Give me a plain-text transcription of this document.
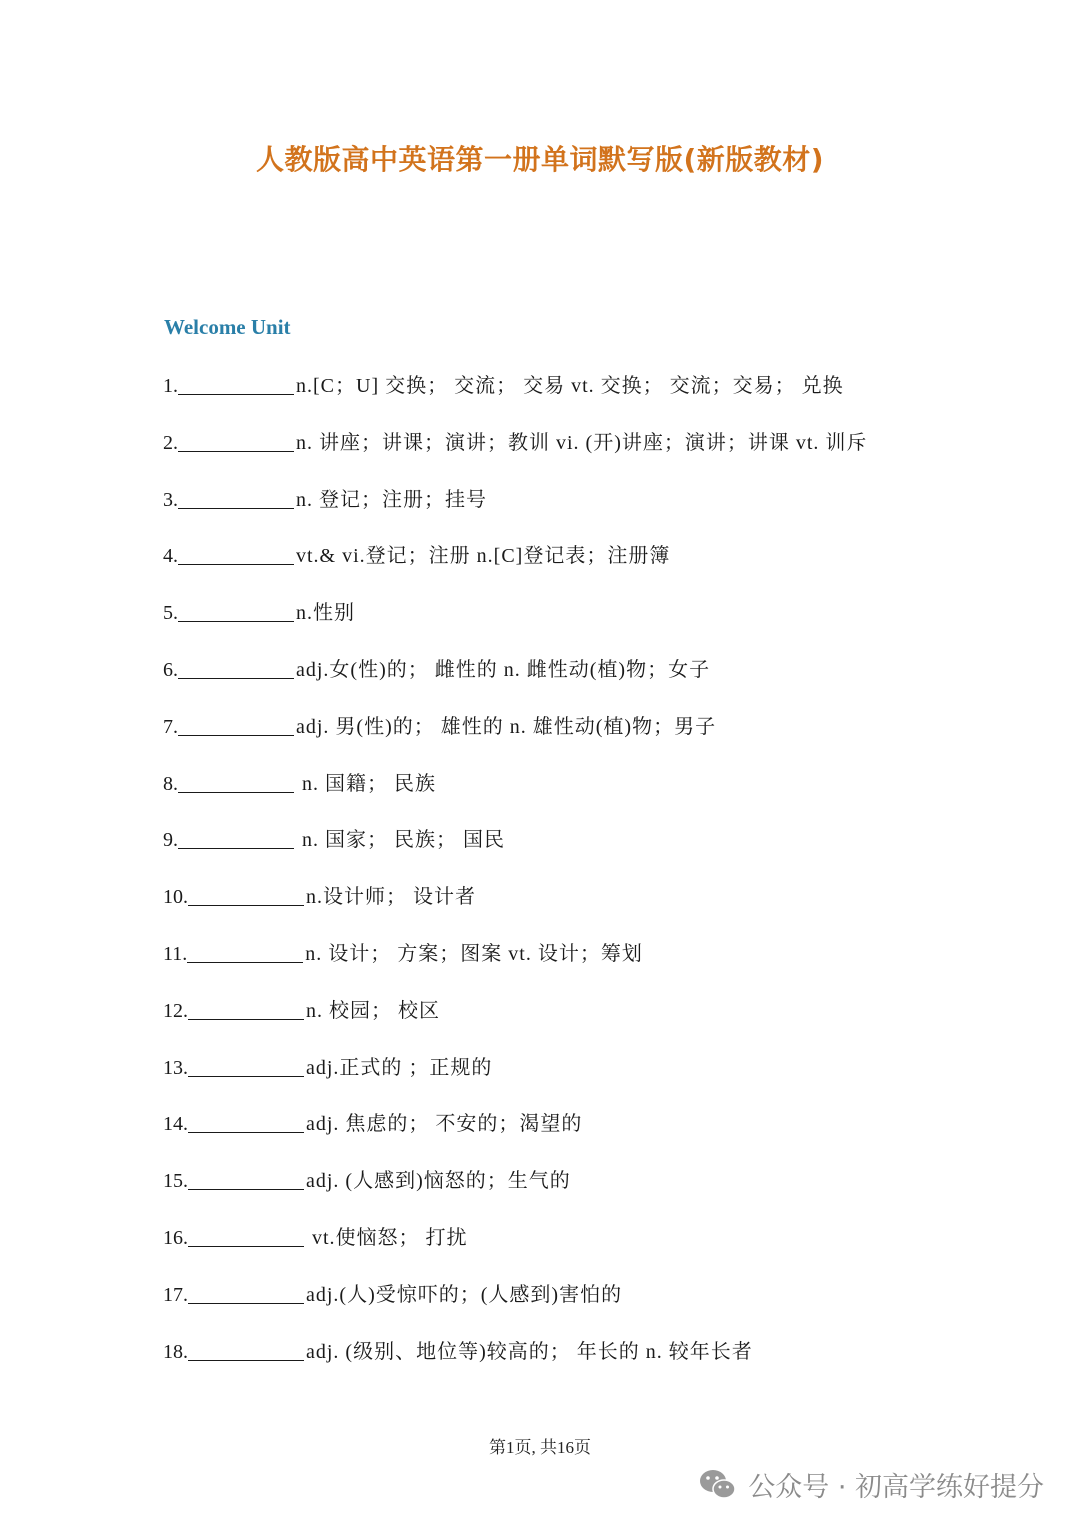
人教版高中英语第一册单词默写版(新版教材)
Welcome Unit
1.	n.[C；U] 交换； 交流； 交易 vt. 交换； 交流；交易； 兑换
2.	n. 讲座；讲课；演讲；教训 vi. (开)讲座；演讲；讲课 vt. 训斥
3.	n. 登记；注册；挂号
4.	vt.& vi.登记；注册 n.[C]登记表；注册簿
5.	n.性别
6.	adj.女(性)的； 雌性的 n. 雌性动(植)物；女子
7.	adj. 男(性)的； 雄性的 n. 雄性动(植)物；男子
8.	n. 国籍； 民族
9.	n. 国家； 民族； 国民
10.	n.设计师； 设计者
11.	n. 设计； 方案；图案 vt. 设计；筹划
12.	n. 校园； 校区
13.	adj.正式的 ；正规的
14.	adj. 焦虑的； 不安的；渴望的
15.	adj. (人感到)恼怒的；生气的
16.	vt.使恼怒； 打扰
17.	adj.(人)受惊吓的；(人感到)害怕的
18.	adj. (级别、地位等)较高的； 年长的 n. 较年长者
第1页, 共16页
公众号 · 初高学练好提分
